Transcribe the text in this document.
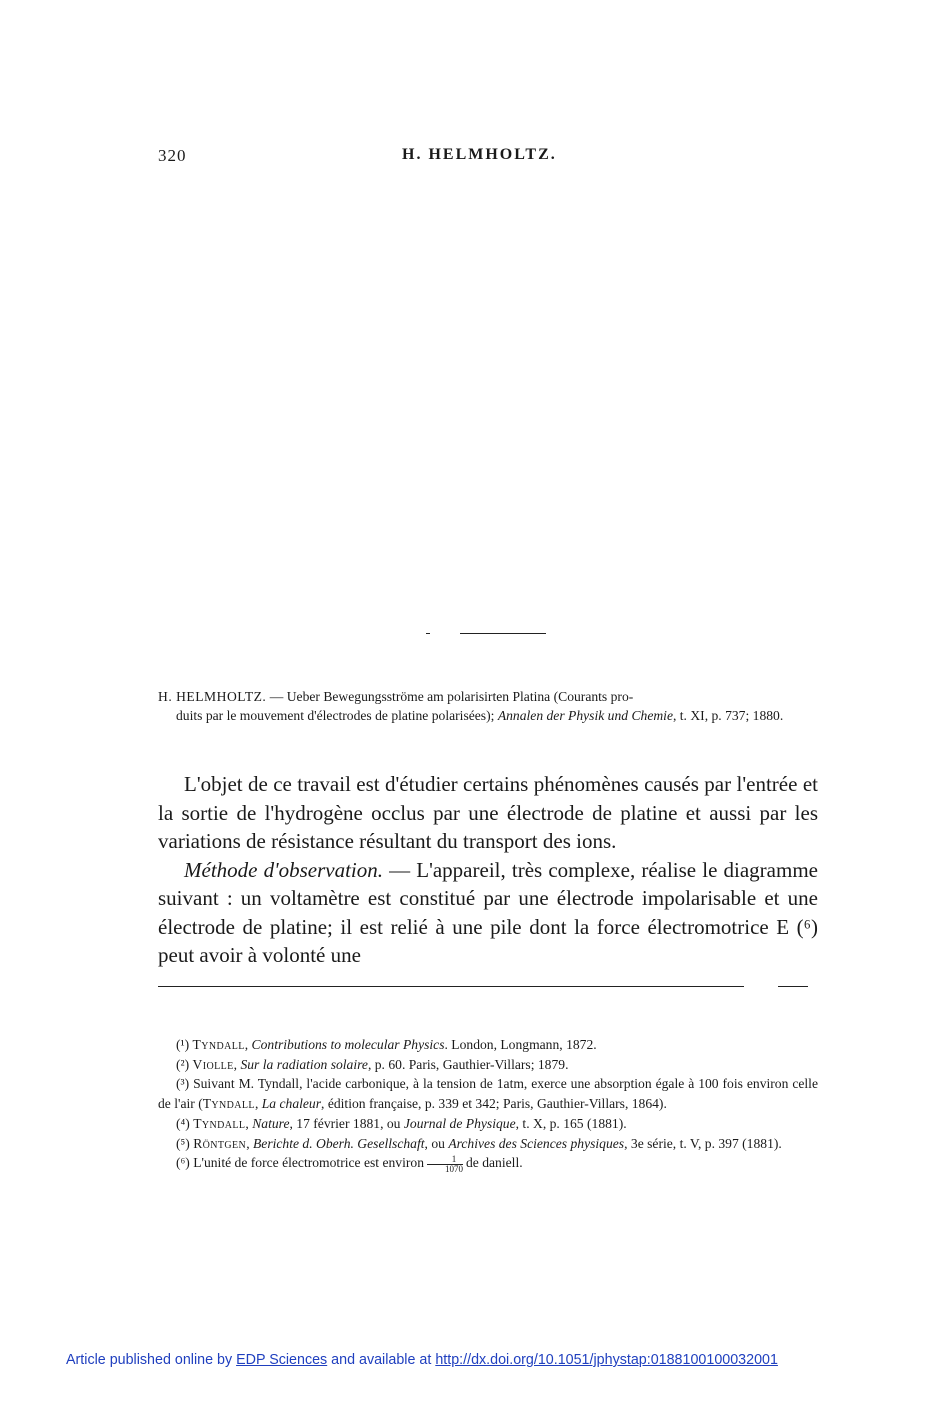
320	H. HELMHOLTZ.
H. HELMHOLTZ. — Ueber Bewegungsströme am polarisirten Platina (Courants pro-
duits par le mouvement d'électrodes de platine polarisées); Annalen der Physik und Chemie, t. XI, p. 737; 1880.

L'objet de ce travail est d'étudier certains phénomènes causés par l'entrée et la sortie de l'hydrogène occlus par une électrode de platine et aussi par les variations de résistance résultant du transport des ions.

Méthode d'observation. — L'appareil, très complexe, réalise le diagramme suivant : un voltamètre est constitué par une électrode impolarisable et une électrode de platine; il est relié à une pile dont la force électromotrice E (⁶) peut avoir à volonté une

(¹) Tyndall, Contributions to molecular Physics. London, Longmann, 1872.
(²) Violle, Sur la radiation solaire, p. 60. Paris, Gauthier-Villars; 1879.
(³) Suivant M. Tyndall, l'acide carbonique, à la tension de 1atm, exerce une absorption égale à 100 fois environ celle de l'air (Tyndall, La chaleur, édition française, p. 339 et 342; Paris, Gauthier-Villars, 1864).
(⁴) Tyndall, Nature, 17 février 1881, ou Journal de Physique, t. X, p. 165 (1881).
(⁵) Röntgen, Berichte d. Oberh. Gesellschaft, ou Archives des Sciences physiques, 3e série, t. V, p. 397 (1881).
(⁶) L'unité de force électromotrice est environ $\frac{1}{1070}$ de daniell.
Article published online by EDP Sciences and available at http://dx.doi.org/10.1051/jphystap:0188100100032001
